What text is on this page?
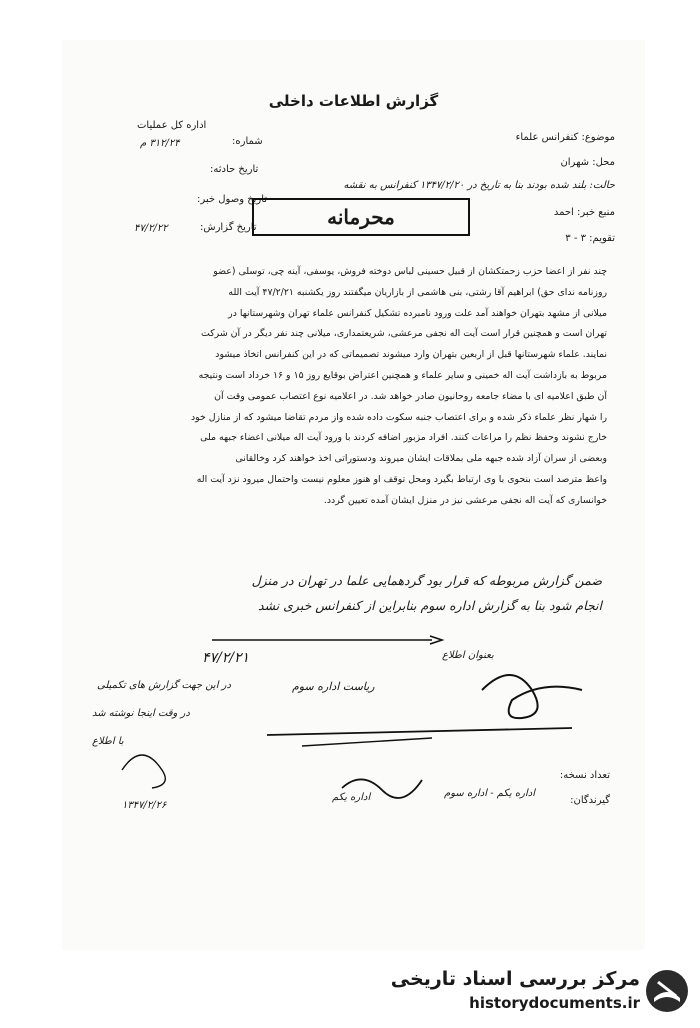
گزارش اطلاعات داخلی
موضوع: کنفرانس علماء
محل: شهران
حالت: بلند شده بودند بنا به تاریخ در ۱۳۴۷/۲/۲۰ کنفرانس به نقشه
منبع خبر: احمد
تقویم: ۳ - ۳
اداره کل عملیات
شماره:
۳۱۲/۲۴ م
تاریخ حادثه:
تاریخ وصول خبر:
تاریخ گزارش:
۴۷/۲/۲۲	محرمانه
چند نفر از اعضا حزب زحمتکشان از قبیل حسینی لباس دوخته فروش، یوسفی، آینه چی، توسلی (عضو
روزنامه ندای حق) ابراهیم آقا رشتی، بنی هاشمی از بازاریان میگفتند روز یکشنبه ۴۷/۲/۲۱ آیت الله
میلانی از مشهد بتهران خواهند آمد علت ورود نامبرده تشکیل کنفرانس علماء تهران وشهرستانها در
تهران است و همچنین قرار است آیت اله نجفی مرعشی، شریعتمداری، میلانی چند نفر دیگر در آن شرکت
نمایند. علماء شهرستانها قبل از اربعین بتهران وارد میشوند تصمیماتی که در این کنفرانس اتخاذ میشود
مربوط به بازداشت آیت اله خمینی و سایر علماء و همچنین اعتراض بوقایع روز ۱۵ و ۱۶ خرداد است ونتیجه
آن طبق اعلامیه ای با مضاء جامعه روحانیون صادر خواهد شد. در اعلامیه نوع اعتصاب عمومی وقت آن
را شهار نظر علماء ذکر شده و برای اعتصاب جنبه سکوت داده شده واز مردم تقاضا میشود که از منازل خود
خارج نشوند وحفظ نظم را مراعات کنند. افراد مزبور اضافه کردند با ورود آیت اله میلانی اعضاء جبهه ملی
وبعضی از سران آزاد شده جبهه ملی بملاقات ایشان میروند ودستوراتی اخذ خواهند کرد وخالقانی
واعظ مترصد است بنحوی با وی ارتباط بگیرد ومحل توقف او هنوز معلوم نیست واحتمال میرود نزد آیت اله
خوانساری که آیت اله نجفی مرعشی نیز در منزل ایشان آمده تعیین گردد.
ضمن گزارش مربوطه که قرار بود گردهمایی علما در تهران در منزل
انجام شود بنا به گزارش اداره سوم بنابراین از کنفرانس خبری نشد
۴۷/۲/۲۱
ریاست اداره سوم
بعنوان اطلاع
در این جهت گزارش های تکمیلی
در وقت اینجا نوشته شد
با اطلاع
۱۳۴۷/۲/۲۶
اداره یکم
تعداد نسخه:
گیرندگان:
اداره یکم - اداره سوم
مرکز بررسی اسناد تاریخی
historydocuments.ir
